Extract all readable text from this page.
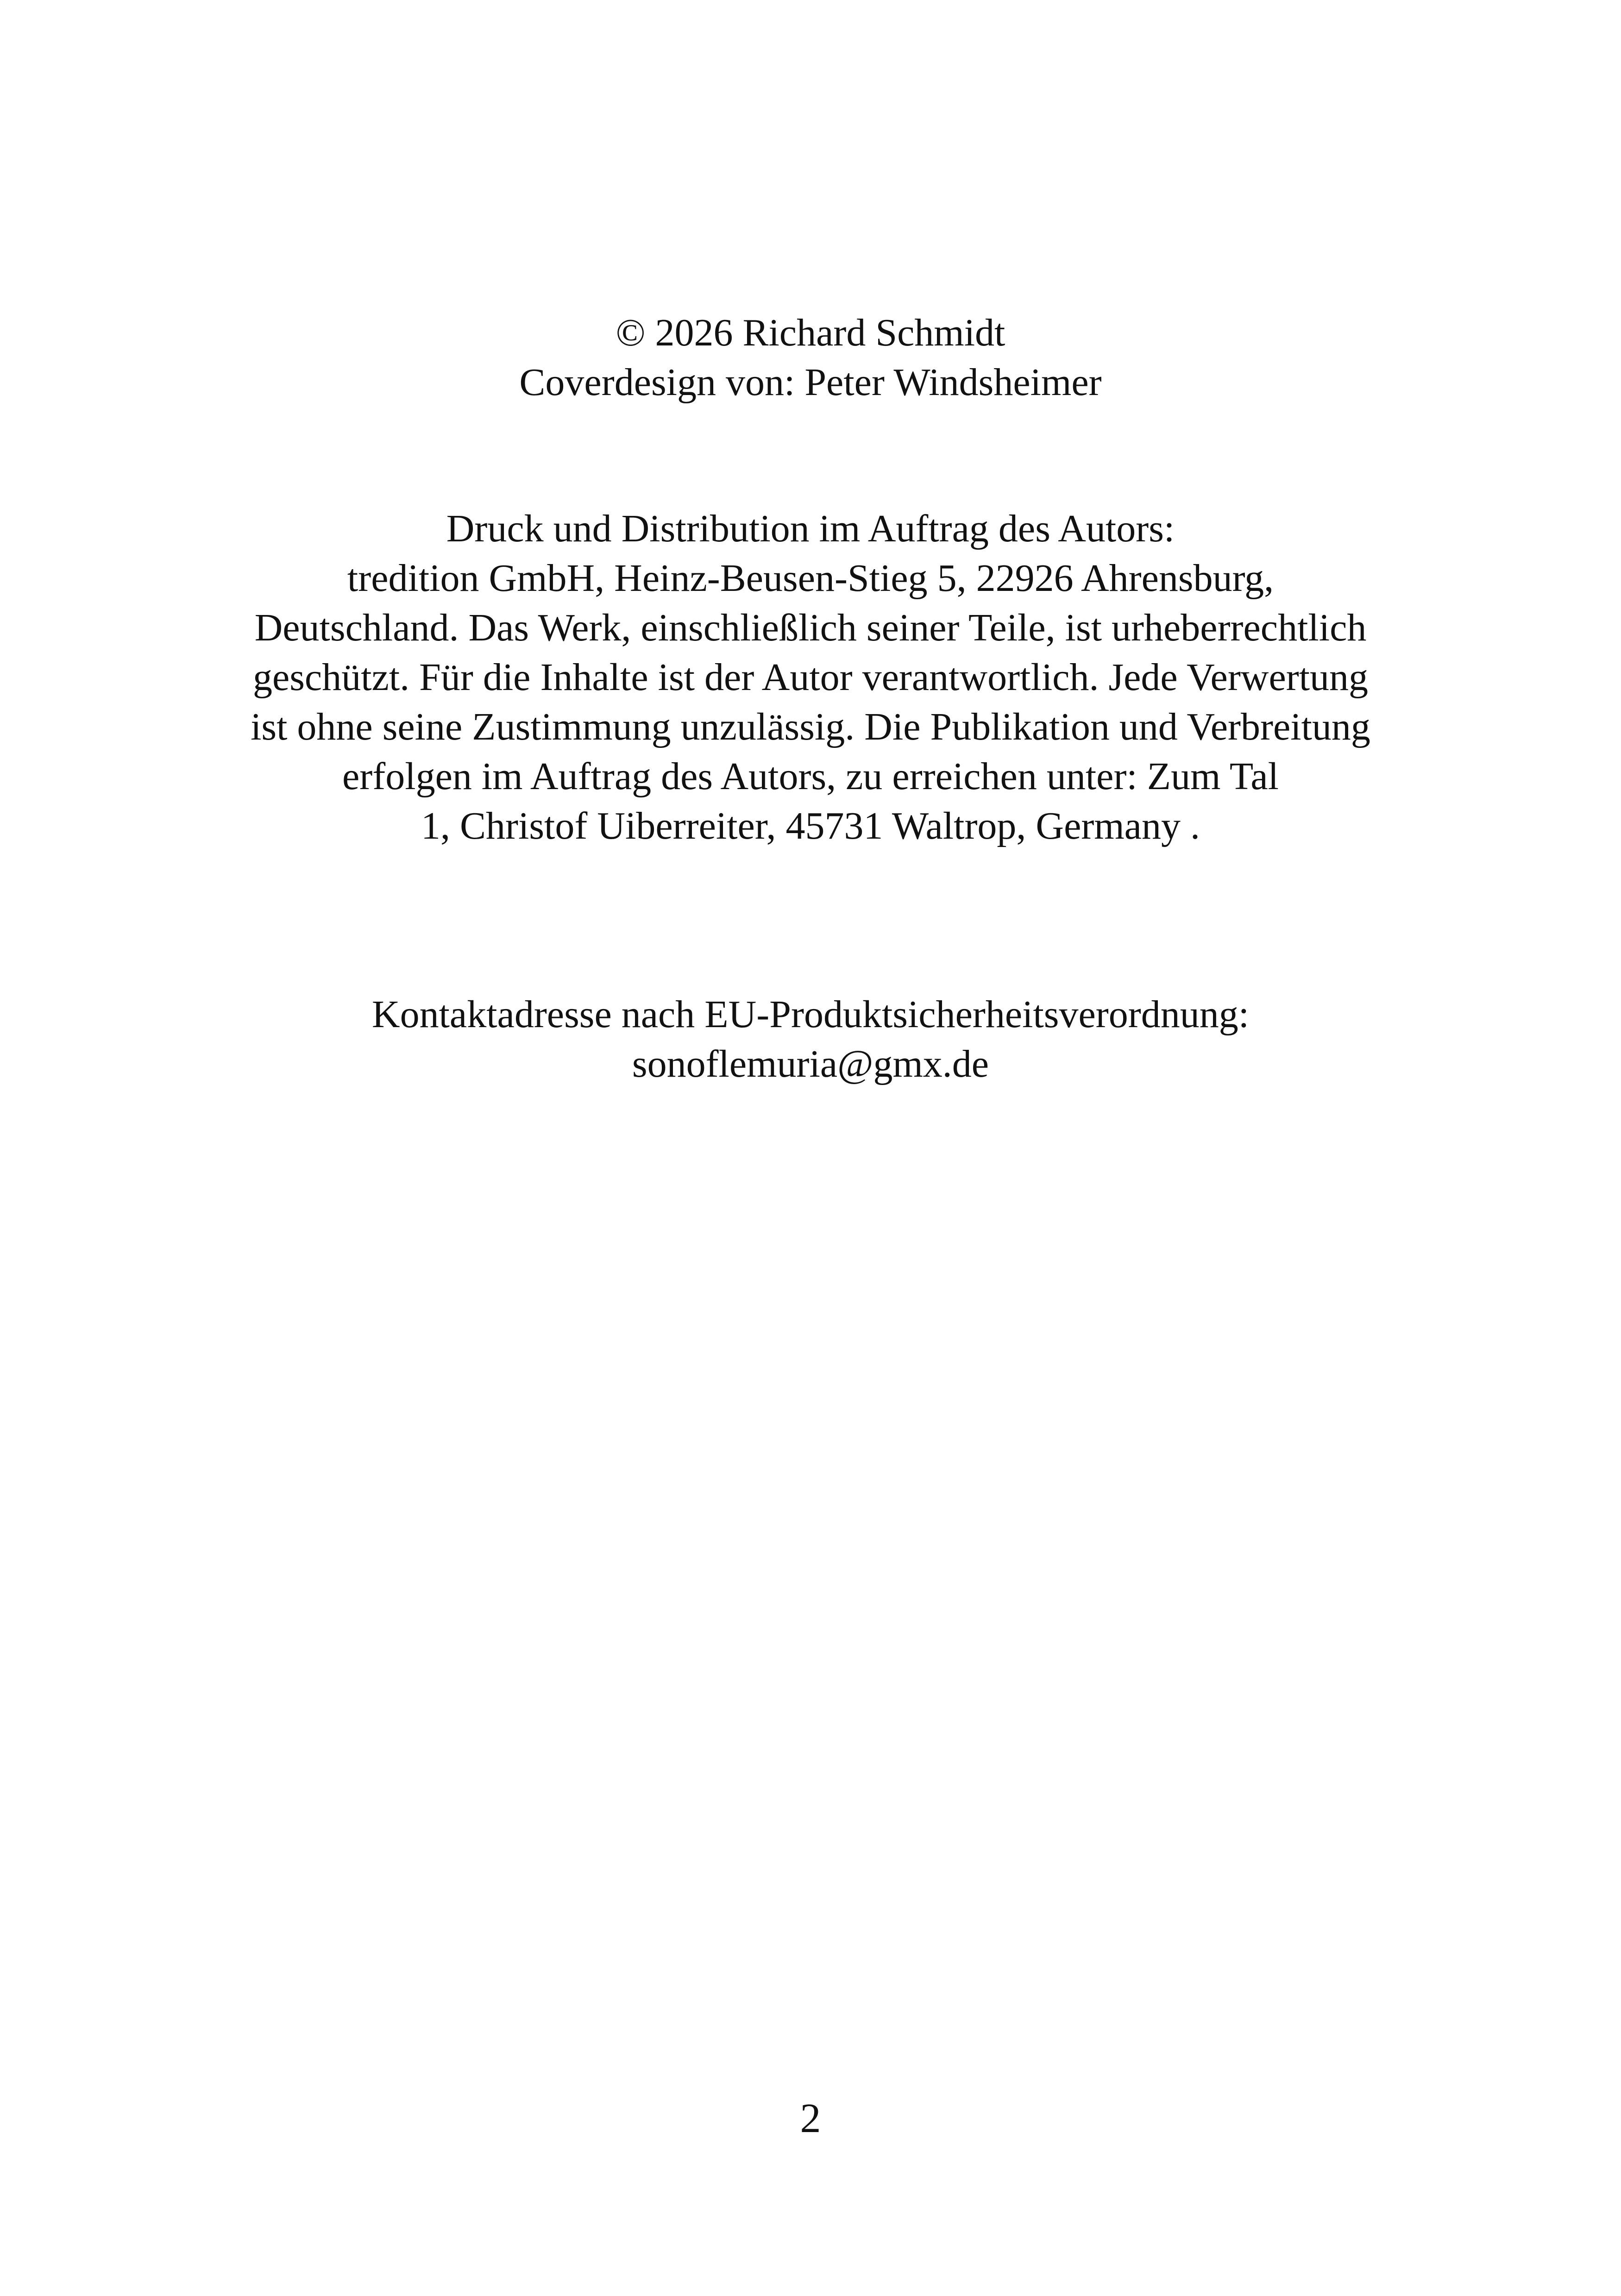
© 2026 Richard Schmidt
Coverdesign von: Peter Windsheimer
Druck und Distribution im Auftrag des Autors:
tredition GmbH, Heinz-Beusen-Stieg 5, 22926 Ahrensburg,
Deutschland. Das Werk, einschließlich seiner Teile, ist urheberrechtlich
geschützt. Für die Inhalte ist der Autor verantwortlich. Jede Verwertung
ist ohne seine Zustimmung unzulässig. Die Publikation und Verbreitung
erfolgen im Auftrag des Autors, zu erreichen unter: Zum Tal
1, Christof Uiberreiter, 45731 Waltrop, Germany .
Kontaktadresse nach EU-Produktsicherheitsverordnung:
sonoflemuria@gmx.de
2
